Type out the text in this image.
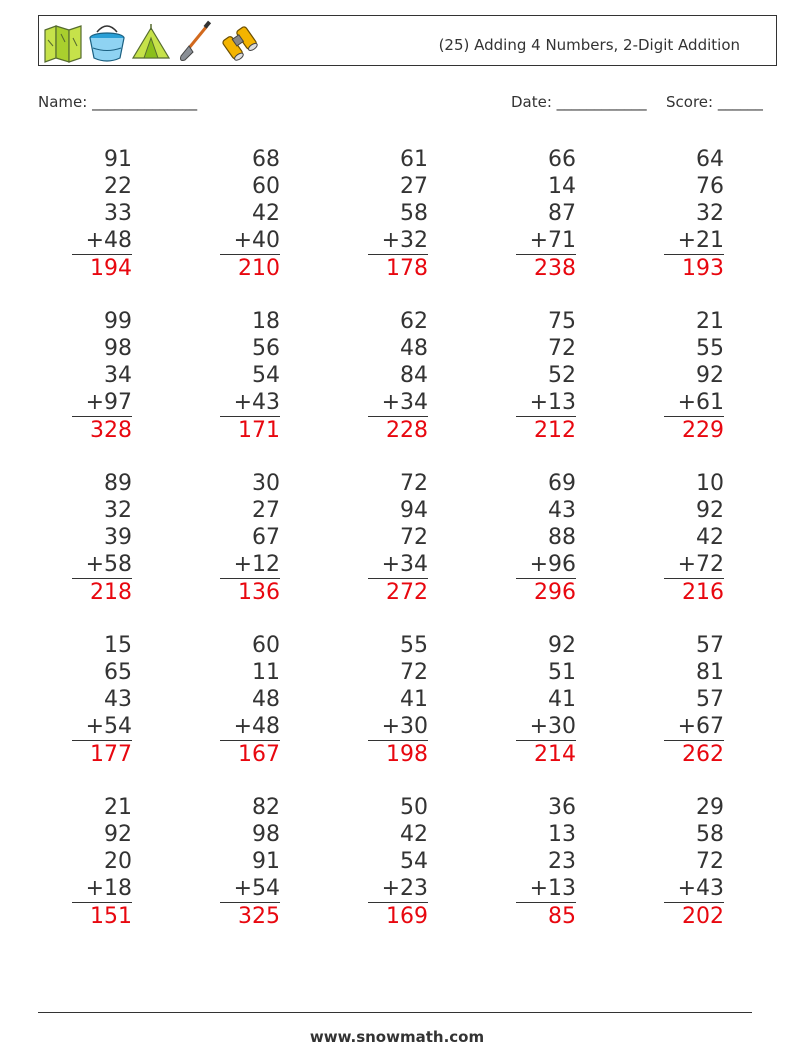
(25) Adding 4 Numbers, 2-Digit Addition
Name: ______________	Date: ____________ Score: ______
91
22
33
+48
194
68
60
42
+40
210
61
27
58
+32
178
66
14
87
+71
238
64
76
32
+21
193
99
98
34
+97
328
18
56
54
+43
171
62
48
84
+34
228
75
72
52
+13
212
21
55
92
+61
229
89
32
39
+58
218
30
27
67
+12
136
72
94
72
+34
272
69
43
88
+96
296
10
92
42
+72
216
15
65
43
+54
177
60
11
48
+48
167
55
72
41
+30
198
92
51
41
+30
214
57
81
57
+67
262
21
92
20
+18
151
82
98
91
+54
325
50
42
54
+23
169
36
13
23
+13
85
29
58
72
+43
202
www.snowmath.com
